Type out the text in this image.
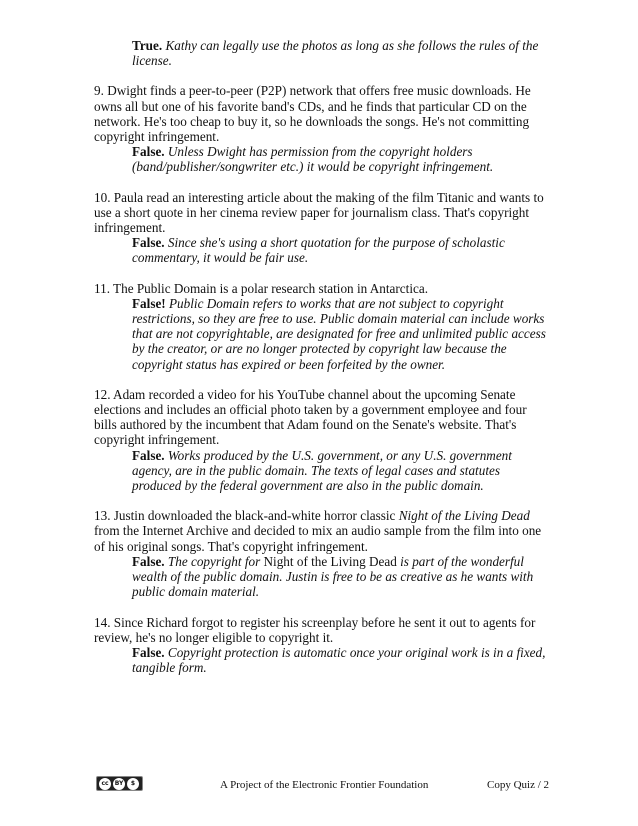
True. Kathy can legally use the photos as long as she follows the rules of the license.

9. Dwight finds a peer-to-peer (P2P) network that offers free music downloads. He owns all but one of his favorite band's CDs, and he finds that particular CD on the network. He's too cheap to buy it, so he downloads the songs. He's not committing copyright infringement.

False. Unless Dwight has permission from the copyright holders (band/publisher/songwriter etc.) it would be copyright infringement.

10. Paula read an interesting article about the making of the film Titanic and wants to use a short quote in her cinema review paper for journalism class. That's copyright infringement.

False. Since she's using a short quotation for the purpose of scholastic commentary, it would be fair use.

11. The Public Domain is a polar research station in Antarctica.

False! Public Domain refers to works that are not subject to copyright restrictions, so they are free to use. Public domain material can include works that are not copyrightable, are designated for free and unlimited public access by the creator, or are no longer protected by copyright law because the copyright status has expired or been forfeited by the owner.

12. Adam recorded a video for his YouTube channel about the upcoming Senate elections and includes an official photo taken by a government employee and four bills authored by the incumbent that Adam found on the Senate's website. That's copyright infringement.

False. Works produced by the U.S. government, or any U.S. government agency, are in the public domain. The texts of legal cases and statutes produced by the federal government are also in the public domain.

13. Justin downloaded the black-and-white horror classic Night of the Living Dead from the Internet Archive and decided to mix an audio sample from the film into one of his original songs. That's copyright infringement.

False. The copyright for Night of the Living Dead is part of the wonderful wealth of the public domain. Justin is free to be as creative as he wants with public domain material.

14. Since Richard forgot to register his screenplay before he sent it out to agents for review, he's no longer eligible to copyright it.

False. Copyright protection is automatic once your original work is in a fixed, tangible form.

cc	BY	$	A Project of the Electronic Frontier Foundation	Copy Quiz / 2
